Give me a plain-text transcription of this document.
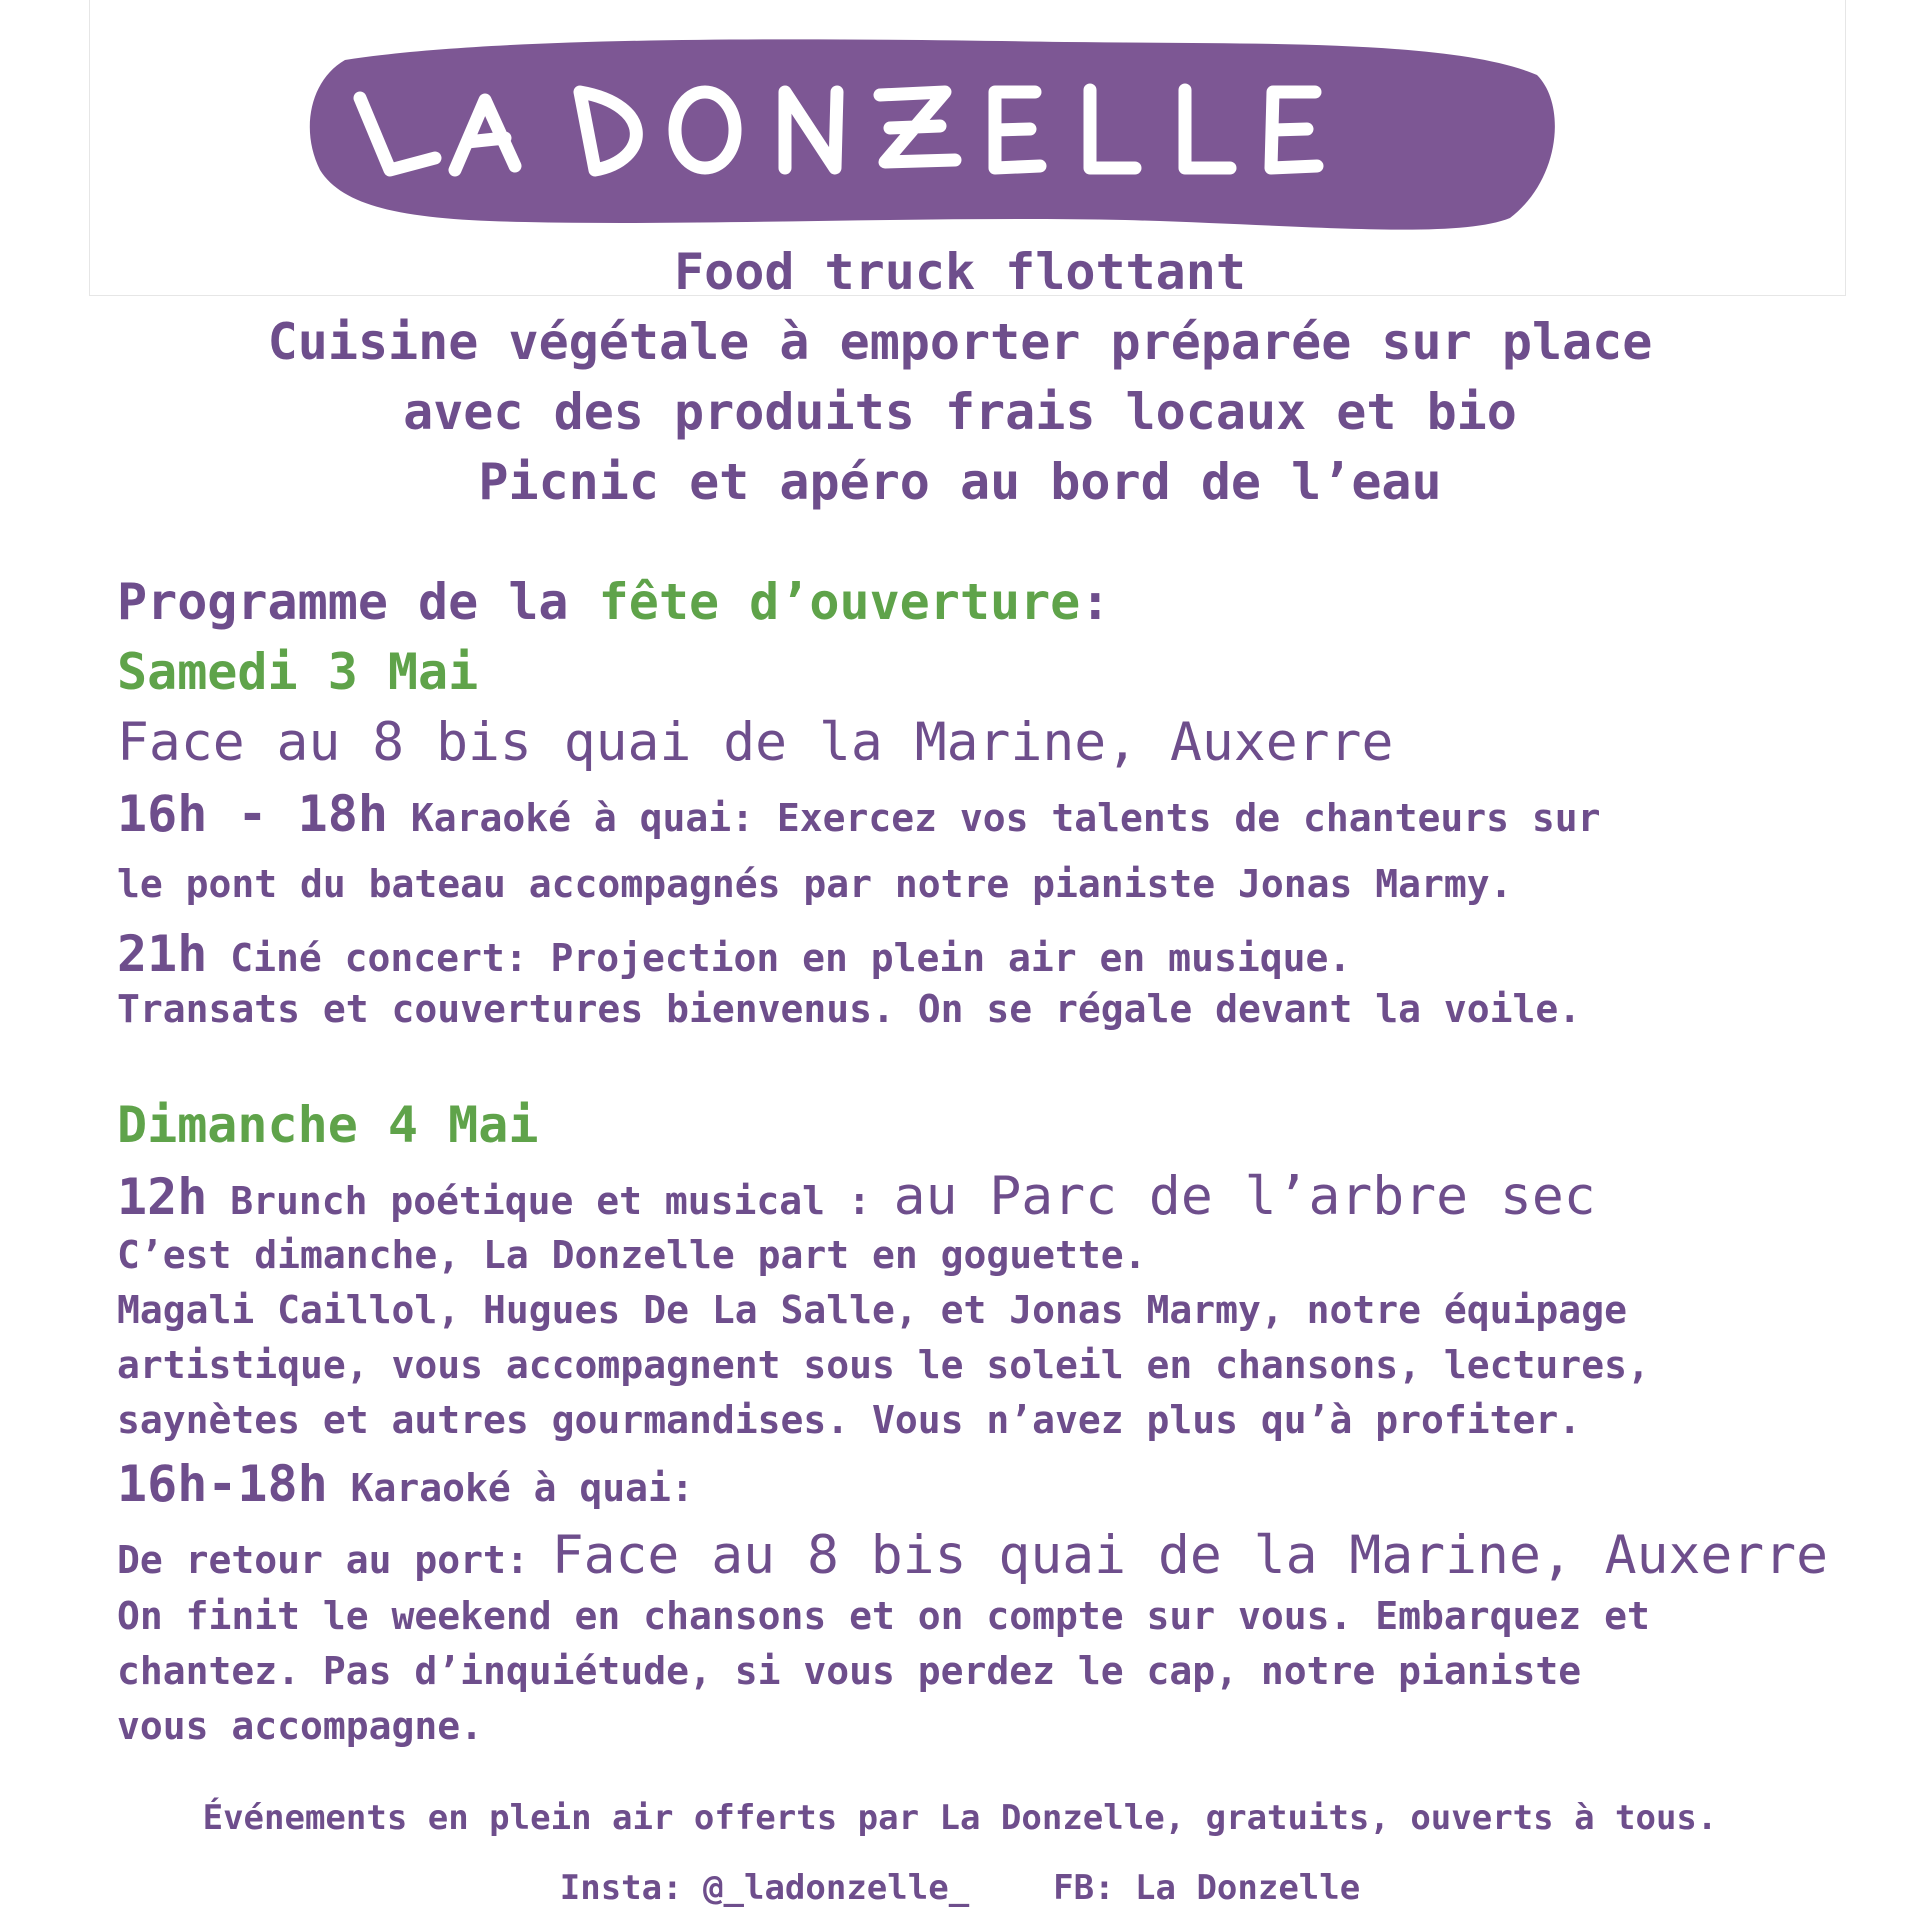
Food truck flottant
Cuisine végétale à emporter préparée sur place
avec des produits frais locaux et bio
Picnic et apéro au bord de l’eau
Programme de la fête d’ouverture:
Samedi 3 Mai
Face au 8 bis quai de la Marine, Auxerre
16h - 18h Karaoké à quai: Exercez vos talents de chanteurs sur
le pont du bateau accompagnés par notre pianiste Jonas Marmy.
21h Ciné concert: Projection en plein air en musique.
Transats et couvertures bienvenus. On se régale devant la voile.
Dimanche 4 Mai
12h Brunch poétique et musical : au Parc de l’arbre sec
C’est dimanche, La Donzelle part en goguette.
Magali Caillol, Hugues De La Salle, et Jonas Marmy, notre équipage
artistique, vous accompagnent sous le soleil en chansons, lectures,
saynètes et autres gourmandises. Vous n’avez plus qu’à profiter.
16h-18h Karaoké à quai:
De retour au port: Face au 8 bis quai de la Marine, Auxerre
On finit le weekend en chansons et on compte sur vous. Embarquez et
chantez. Pas d’inquiétude, si vous perdez le cap, notre pianiste
vous accompagne.
Événements en plein air offerts par La Donzelle, gratuits, ouverts à tous.
Insta: @_ladonzelle_ FB: La Donzelle
